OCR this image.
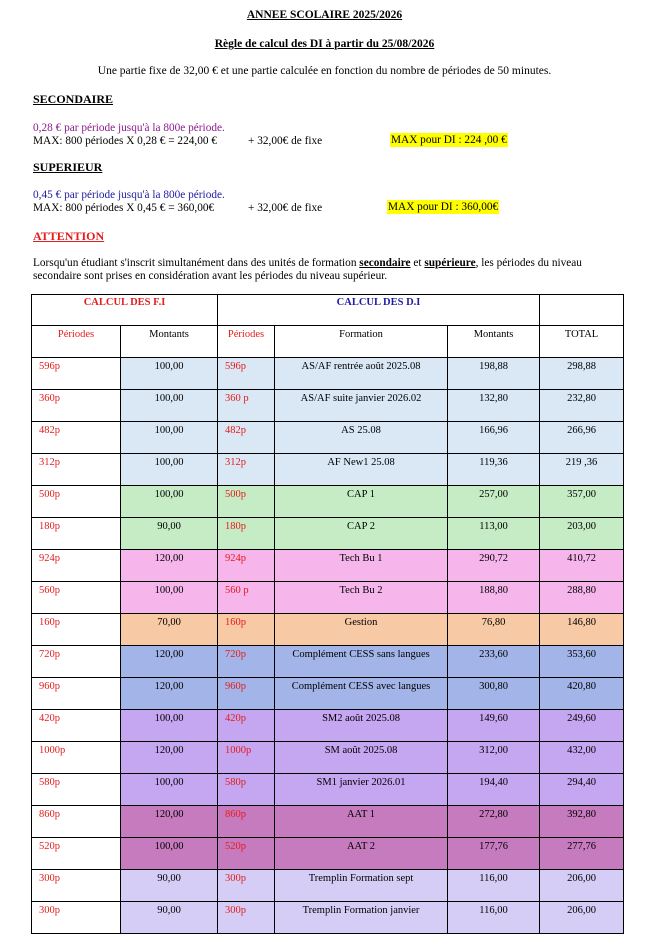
ANNEE SCOLAIRE 2025/2026
Règle de calcul des DI à partir du 25/08/2026
Une partie fixe de 32,00 € et une partie calculée en fonction du nombre de périodes de 50 minutes.
SECONDAIRE
0,28 € par période jusqu'à la 800e période.
MAX: 800 périodes X 0,28 € = 224,00 €	+ 32,00€ de fixe	MAX pour DI : 224 ,00 €
SUPERIEUR
0,45 € par période jusqu'à la 800e période.
MAX: 800 périodes X 0,45 € = 360,00€	+ 32,00€ de fixe	MAX pour DI : 360,00€
ATTENTION
Lorsqu'un étudiant s'inscrit simultanément dans des unités de formation secondaire et supérieure, les périodes du niveau secondaire sont prises en considération avant les périodes du niveau supérieur.
CALCUL DES F.I		CALCUL DES D.I			
Périodes	Montants	Périodes	Formation	Montants	TOTAL
596p	100,00	596p	AS/AF rentrée août 2025.08	198,88	298,88
360p	100,00	360 p	AS/AF suite janvier 2026.02	132,80	232,80
482p	100,00	482p	AS 25.08	166,96	266,96
312p	100,00	312p	AF New1 25.08	119,36	219 ,36
500p	100,00	500p	CAP 1	257,00	357,00
180p	90,00	180p	CAP 2	113,00	203,00
924p	120,00	924p	Tech Bu 1	290,72	410,72
560p	100,00	560 p	Tech Bu 2	188,80	288,80
160p	70,00	160p	Gestion	76,80	146,80
720p	120,00	720p	Complément CESS sans langues	233,60	353,60
960p	120,00	960p	Complément CESS avec langues	300,80	420,80
420p	100,00	420p	SM2 août 2025.08	149,60	249,60
1000p	120,00	1000p	SM août 2025.08	312,00	432,00
580p	100,00	580p	SM1 janvier 2026.01	194,40	294,40
860p	120,00	860p	AAT 1	272,80	392,80
520p	100,00	520p	AAT 2	177,76	277,76
300p	90,00	300p	Tremplin Formation sept	116,00	206,00
300p	90,00	300p	Tremplin Formation janvier	116,00	206,00
